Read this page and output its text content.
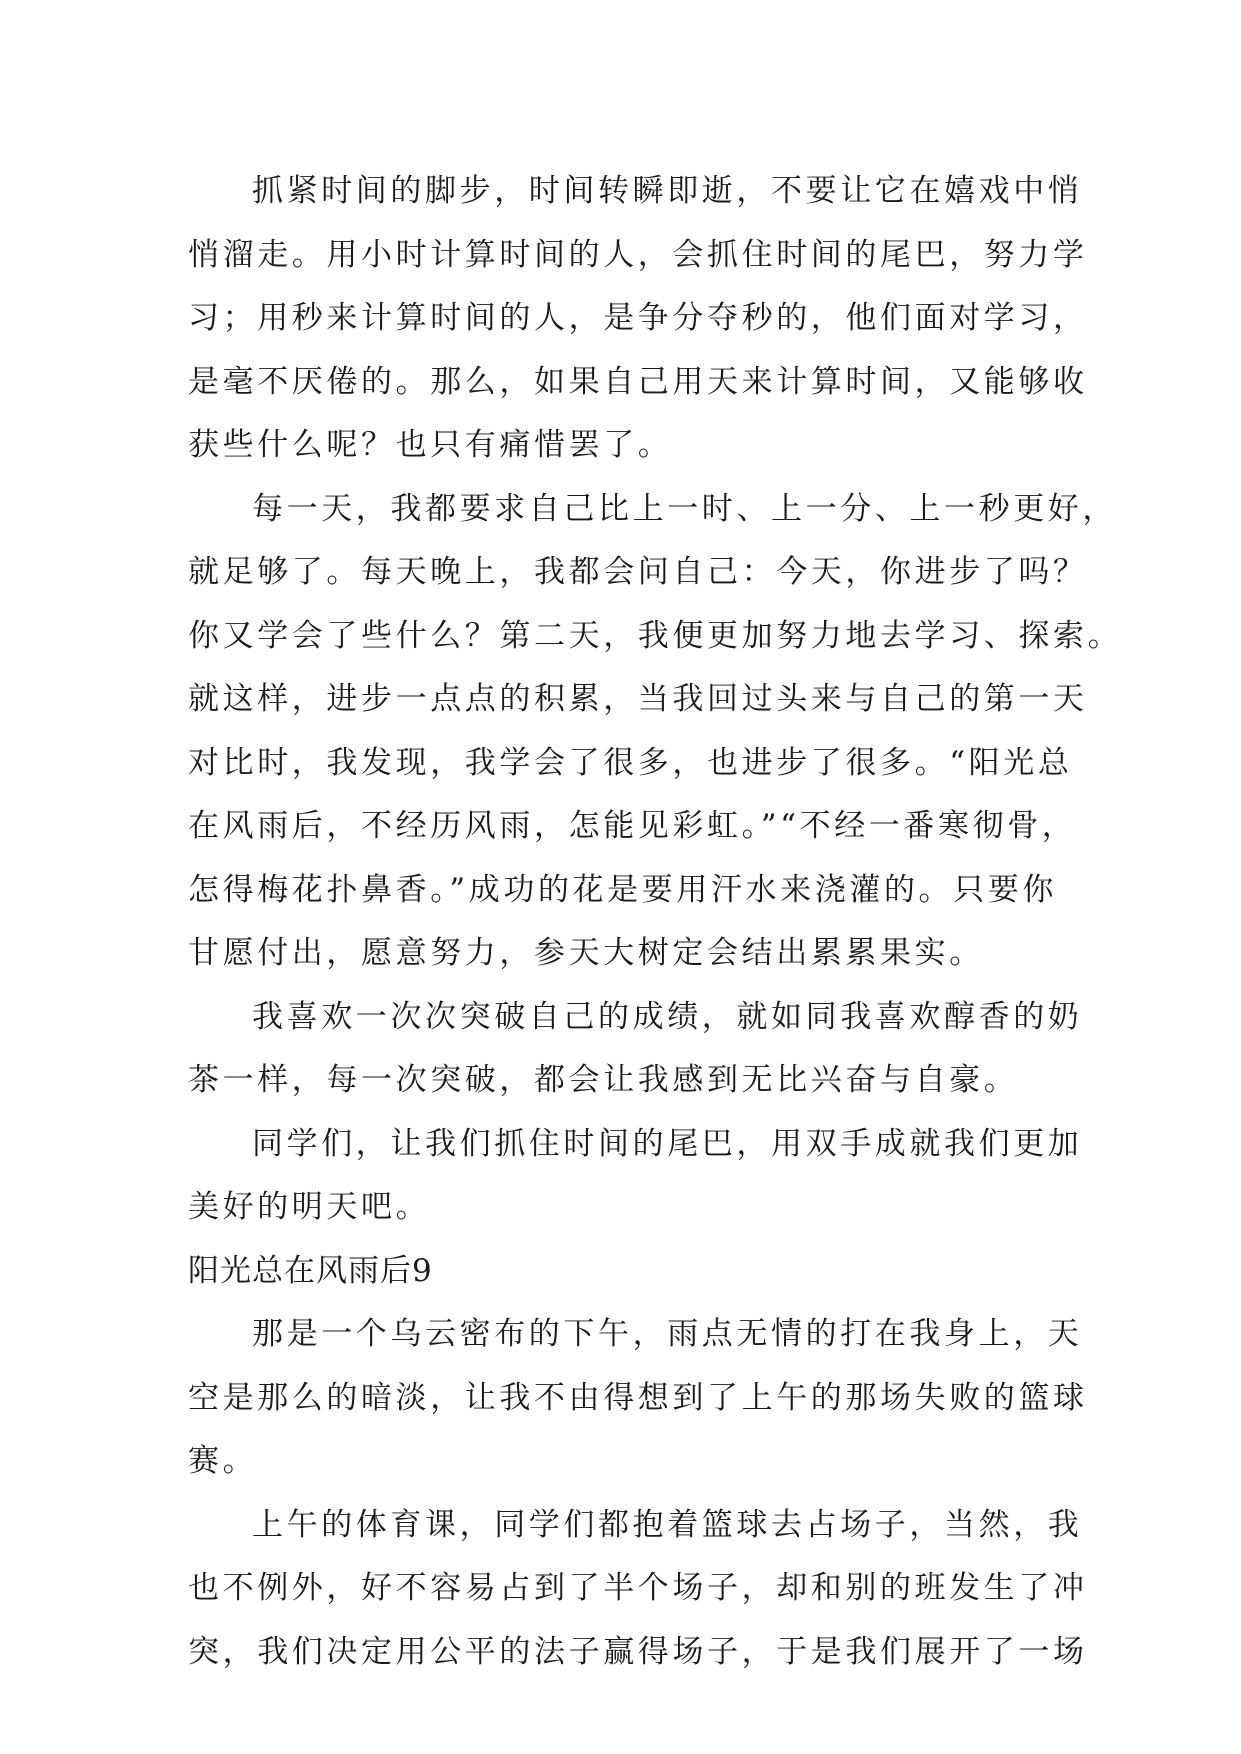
抓紧时间的脚步，时间转瞬即逝，不要让它在嬉戏中悄
悄溜走。用小时计算时间的人，会抓住时间的尾巴，努力学
习；用秒来计算时间的人，是争分夺秒的，他们面对学习，
是毫不厌倦的。那么，如果自己用天来计算时间，又能够收
获些什么呢？也只有痛惜罢了。
每一天，我都要求自己比上一时、上一分、上一秒更好，
就足够了。每天晚上，我都会问自己：今天，你进步了吗？
你又学会了些什么？第二天，我便更加努力地去学习、探索。
就这样，进步一点点的积累，当我回过头来与自己的第一天
对比时，我发现，我学会了很多，也进步了很多。“阳光总
在风雨后，不经历风雨，怎能见彩虹。”“不经一番寒彻骨，
怎得梅花扑鼻香。”成功的花是要用汗水来浇灌的。只要你
甘愿付出，愿意努力，参天大树定会结出累累果实。
我喜欢一次次突破自己的成绩，就如同我喜欢醇香的奶
茶一样，每一次突破，都会让我感到无比兴奋与自豪。
同学们，让我们抓住时间的尾巴，用双手成就我们更加
美好的明天吧。
阳光总在风雨后9
那是一个乌云密布的下午，雨点无情的打在我身上，天
空是那么的暗淡，让我不由得想到了上午的那场失败的篮球
赛。
上午的体育课，同学们都抱着篮球去占场子，当然，我
也不例外，好不容易占到了半个场子，却和别的班发生了冲
突，我们决定用公平的法子赢得场子，于是我们展开了一场
